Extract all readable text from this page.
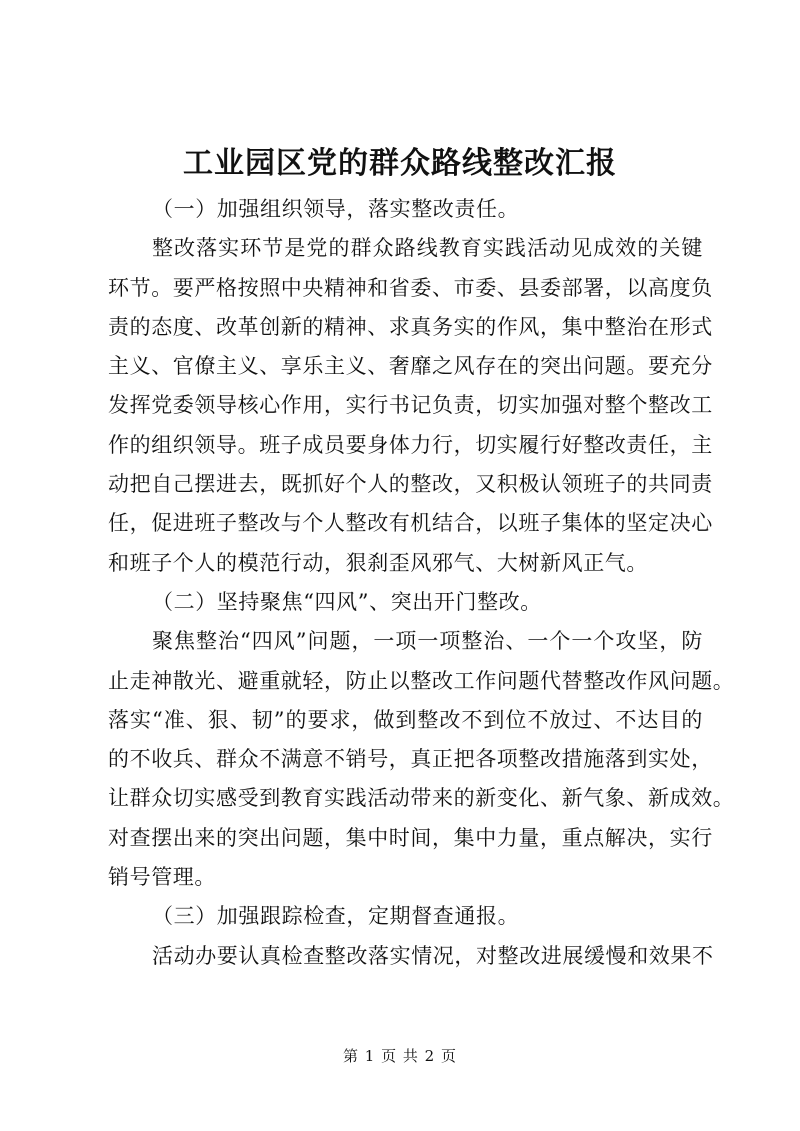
工业园区党的群众路线整改汇报

（一）加强组织领导，落实整改责任。

整改落实环节是党的群众路线教育实践活动见成效的关键

环节。要严格按照中央精神和省委、市委、县委部署，以高度负

责的态度、改革创新的精神、求真务实的作风，集中整治在形式

主义、官僚主义、享乐主义、奢靡之风存在的突出问题。要充分

发挥党委领导核心作用，实行书记负责，切实加强对整个整改工

作的组织领导。班子成员要身体力行，切实履行好整改责任，主

动把自己摆进去，既抓好个人的整改，又积极认领班子的共同责

任，促进班子整改与个人整改有机结合，以班子集体的坚定决心

和班子个人的模范行动，狠刹歪风邪气、大树新风正气。

（二）坚持聚焦“四风”、突出开门整改。

聚焦整治“四风”问题，一项一项整治、一个一个攻坚，防

止走神散光、避重就轻，防止以整改工作问题代替整改作风问题。

落实“准、狠、韧”的要求，做到整改不到位不放过、不达目的

的不收兵、群众不满意不销号，真正把各项整改措施落到实处，

让群众切实感受到教育实践活动带来的新变化、新气象、新成效。

对查摆出来的突出问题，集中时间，集中力量，重点解决，实行

销号管理。

（三）加强跟踪检查，定期督查通报。

活动办要认真检查整改落实情况，对整改进展缓慢和效果不

第 1 页 共 2 页
